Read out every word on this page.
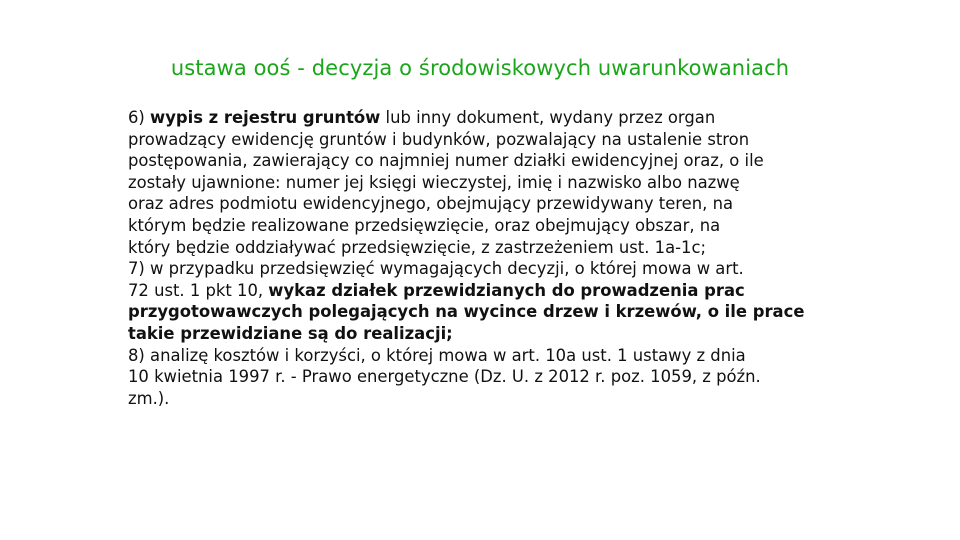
ustawa ooś - decyzja o środowiskowych uwarunkowaniach
6) wypis z rejestru gruntów lub inny dokument, wydany przez organ
prowadzący ewidencję gruntów i budynków, pozwalający na ustalenie stron
postępowania, zawierający co najmniej numer działki ewidencyjnej oraz, o ile
zostały ujawnione: numer jej księgi wieczystej, imię i nazwisko albo nazwę
oraz adres podmiotu ewidencyjnego, obejmujący przewidywany teren, na
którym będzie realizowane przedsięwzięcie, oraz obejmujący obszar, na
który będzie oddziaływać przedsięwzięcie, z zastrzeżeniem ust. 1a-1c;
7) w przypadku przedsięwzięć wymagających decyzji, o której mowa w art.
72 ust. 1 pkt 10, wykaz działek przewidzianych do prowadzenia prac
przygotowawczych polegających na wycince drzew i krzewów, o ile prace
takie przewidziane są do realizacji;
8) analizę kosztów i korzyści, o której mowa w art. 10a ust. 1 ustawy z dnia
10 kwietnia 1997 r. - Prawo energetyczne (Dz. U. z 2012 r. poz. 1059, z późn.
zm.).
